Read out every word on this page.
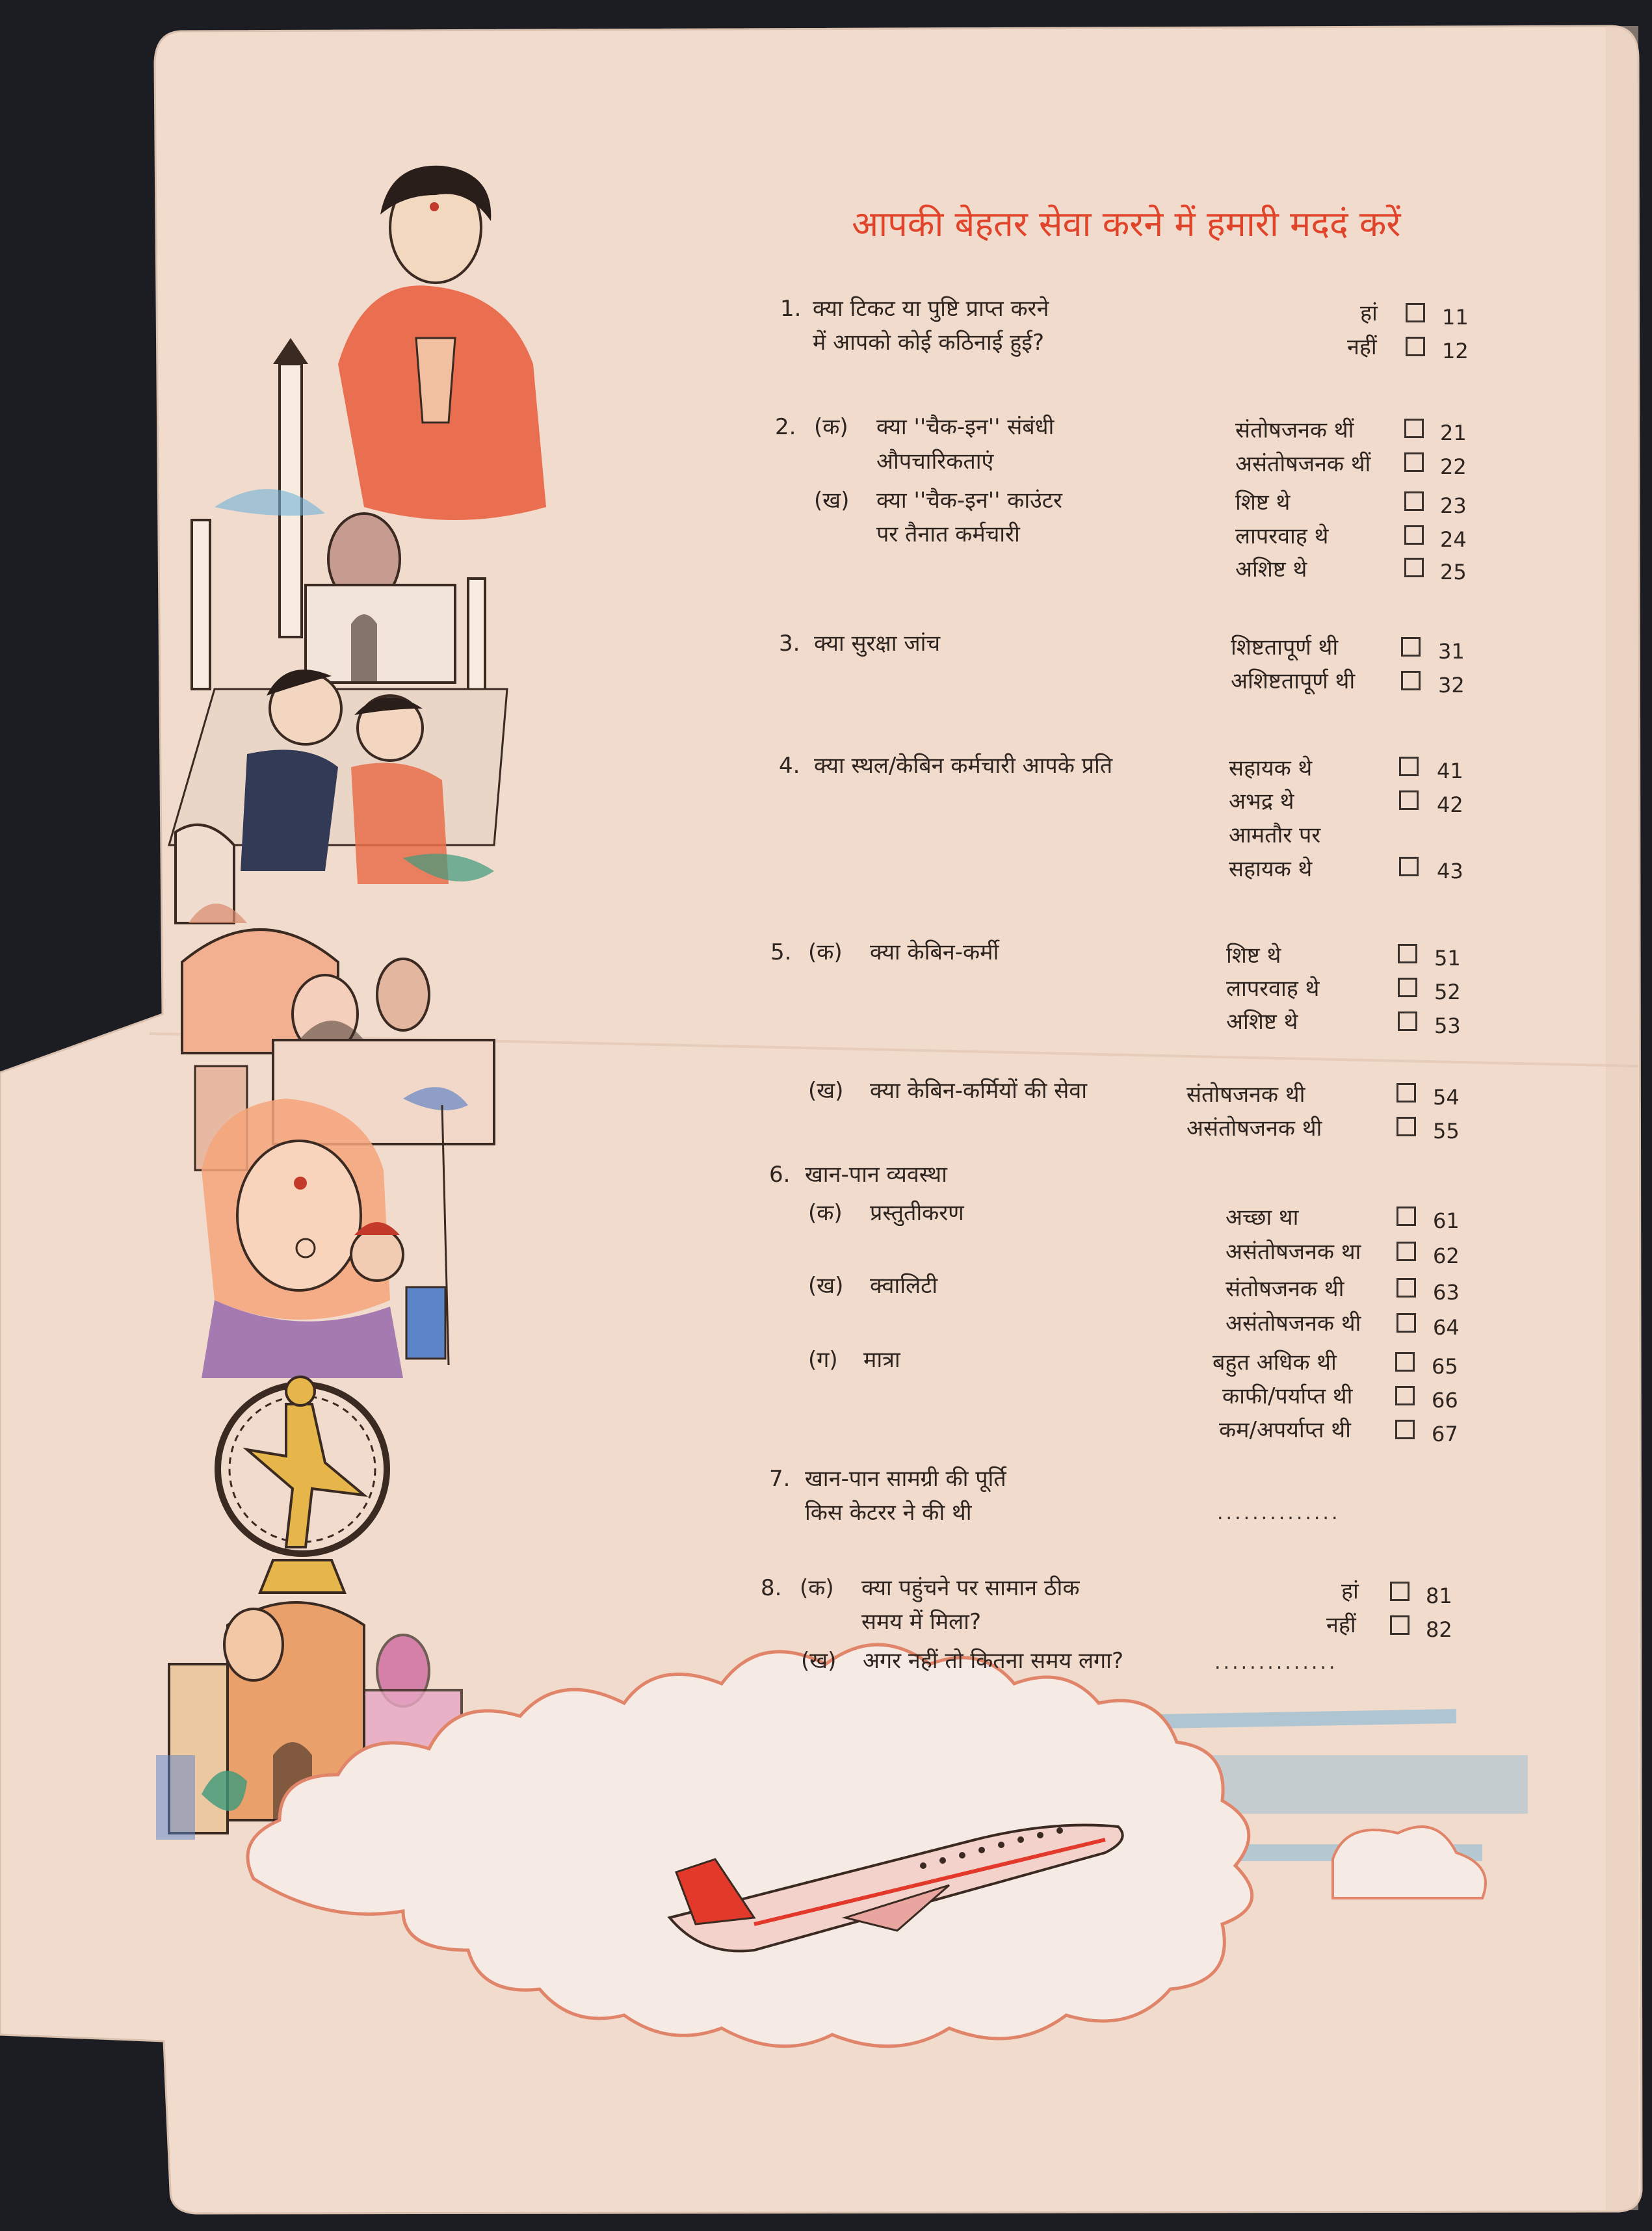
आपकी बेहतर सेवा करने में हमारी मददं करें
1. क्या टिकट या पुष्टि प्राप्त करने
में आपको कोई कठिनाई हुई?
हां	11
नहीं	12
2. (क) क्या ''चैक-इन'' संबंधी
औपचारिकताएं
संतोषजनक थीं	21
असंतोषजनक थीं	22
(ख) क्या ''चैक-इन'' काउंटर
पर तैनात कर्मचारी
शिष्ट थे	23
लापरवाह थे	24
अशिष्ट थे	25
3. क्या सुरक्षा जांच	शिष्टतापूर्ण थी	31
अशिष्टतापूर्ण थी	32
4. क्या स्थल/केबिन कर्मचारी आपके प्रति	सहायक थे	41
अभद्र थे	42
आमतौर पर
सहायक थे	43
5. (क) क्या केबिन-कर्मी	शिष्ट थे	51
लापरवाह थे	52
अशिष्ट थे	53
(ख) क्या केबिन-कर्मियों की सेवा	संतोषजनक थी	54
असंतोषजनक थी	55
6. खान-पान व्यवस्था
(क) प्रस्तुतीकरण	अच्छा था	61
असंतोषजनक था	62
(ख) क्वालिटी	संतोषजनक थी	63
असंतोषजनक थी	64
(ग) मात्रा	बहुत अधिक थी	65
काफी/पर्याप्त थी	66
कम/अपर्याप्त थी	67
7. खान-पान सामग्री की पूर्ति
किस केटरर ने की थी	..............
8. (क) क्या पहुंचने पर सामान ठीक
समय में मिला?
हां	81
नहीं	82
(ख) अगर नहीं तो कितना समय लगा?	..............
